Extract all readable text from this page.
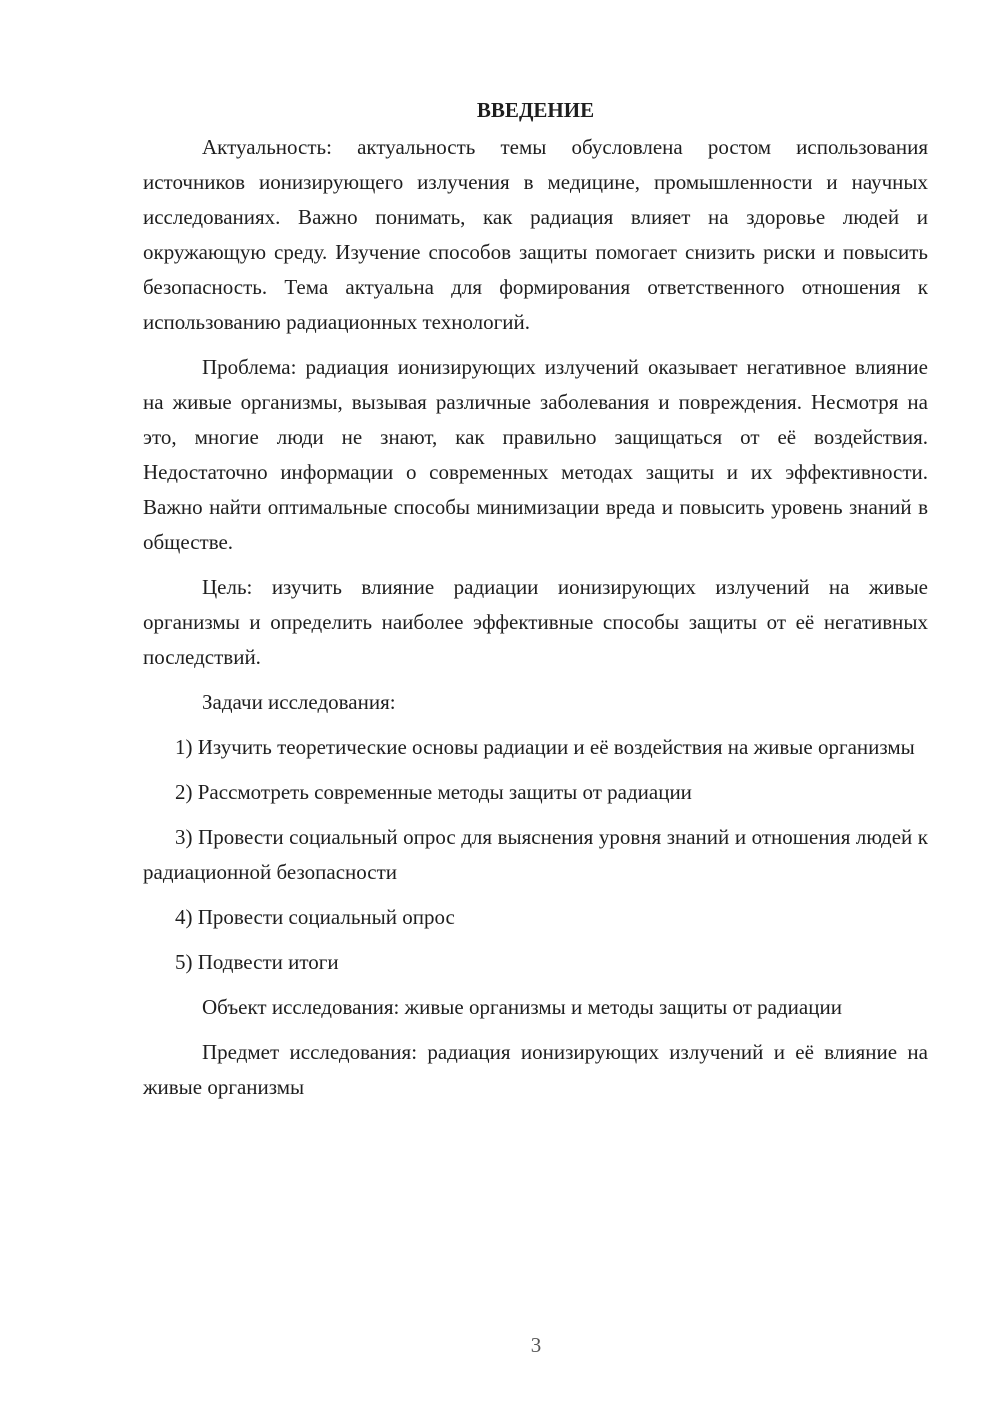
ВВЕДЕНИЕ

Актуальность: актуальность темы обусловлена ростом использования источников ионизирующего излучения в медицине, промышленности и научных исследованиях. Важно понимать, как радиация влияет на здоровье людей и окружающую среду. Изучение способов защиты помогает снизить риски и повысить безопасность. Тема актуальна для формирования ответственного отношения к использованию радиационных технологий.

Проблема: радиация ионизирующих излучений оказывает негативное влияние на живые организмы, вызывая различные заболевания и повреждения. Несмотря на это, многие люди не знают, как правильно защищаться от её воздействия. Недостаточно информации о современных методах защиты и их эффективности. Важно найти оптимальные способы минимизации вреда и повысить уровень знаний в обществе.

Цель: изучить влияние радиации ионизирующих излучений на живые организмы и определить наиболее эффективные способы защиты от её негативных последствий.

Задачи исследования:

1) Изучить теоретические основы радиации и её воздействия на живые организмы

2) Рассмотреть современные методы защиты от радиации

3) Провести социальный опрос для выяснения уровня знаний и отношения людей к радиационной безопасности

4) Провести социальный опрос

5) Подвести итоги

Объект исследования: живые организмы и методы защиты от радиации

Предмет исследования: радиация ионизирующих излучений и её влияние на живые организмы

3
